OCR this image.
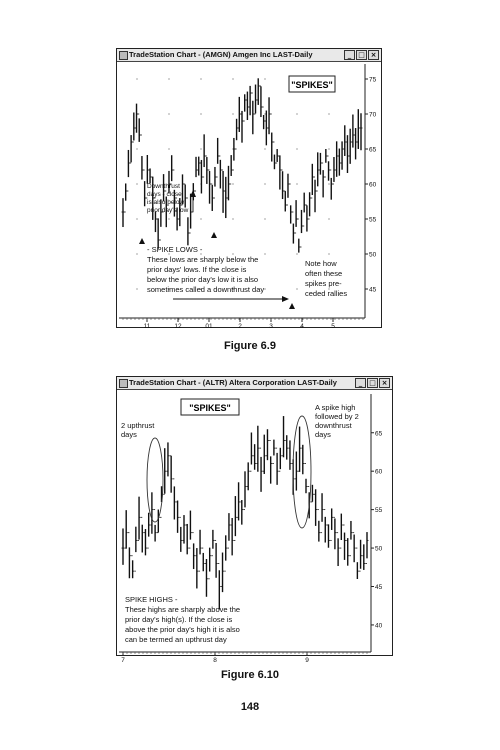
TradeStation Chart - (AMGN) Amgen Inc LAST-Daily	_ □ ×
45
50
55
60
65
70
75
11	12	01	2	3	4	5
"SPIKES"
Downthrust
days - close
is also below
prior day's low
- SPIKE LOWS -
These lows are sharply below the
prior days' lows. If the close is
below the prior day's low it is also
sometimes called a downthrust day
Note how
often these
spikes pre-
ceded rallies
Figure 6.9
TradeStation Chart - (ALTR) Altera Corporation LAST-Daily	_ □ ×
40
45
50
55
60
65
7	8	9
"SPIKES"
2 upthrust
days
A spike high
followed by 2
downthrust
days
SPIKE HIGHS -
These highs are sharply above the
prior day's high(s). If the close is
above the prior day's high it is also
can be termed an upthrust day
Figure 6.10
148
